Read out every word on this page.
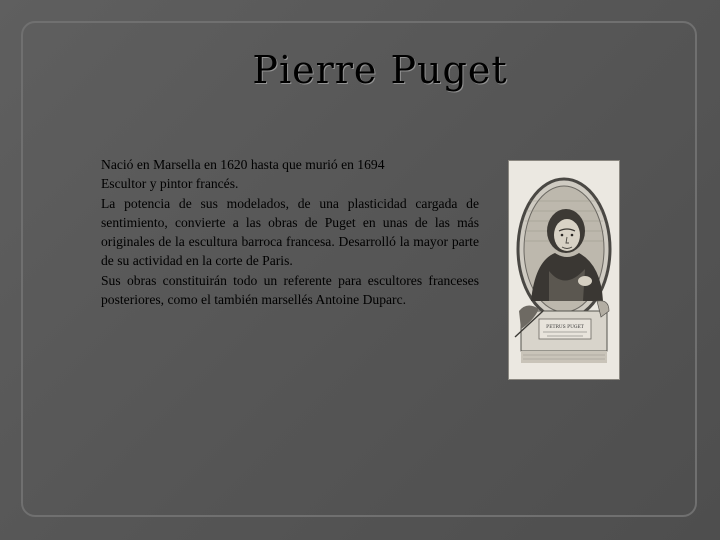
Pierre Puget
Nació en Marsella en 1620 hasta que murió en 1694
Escultor y pintor francés.
La potencia de sus modelados, de una plasticidad cargada de sentimiento, convierte a las obras de Puget en unas de las más originales de la escultura barroca francesa. Desarrolló la mayor parte de su actividad en la corte de Paris.
Sus obras constituirán todo un referente para escultores franceses posteriores, como el también marsellés Antoine Duparc.
PETRUS PUGET
